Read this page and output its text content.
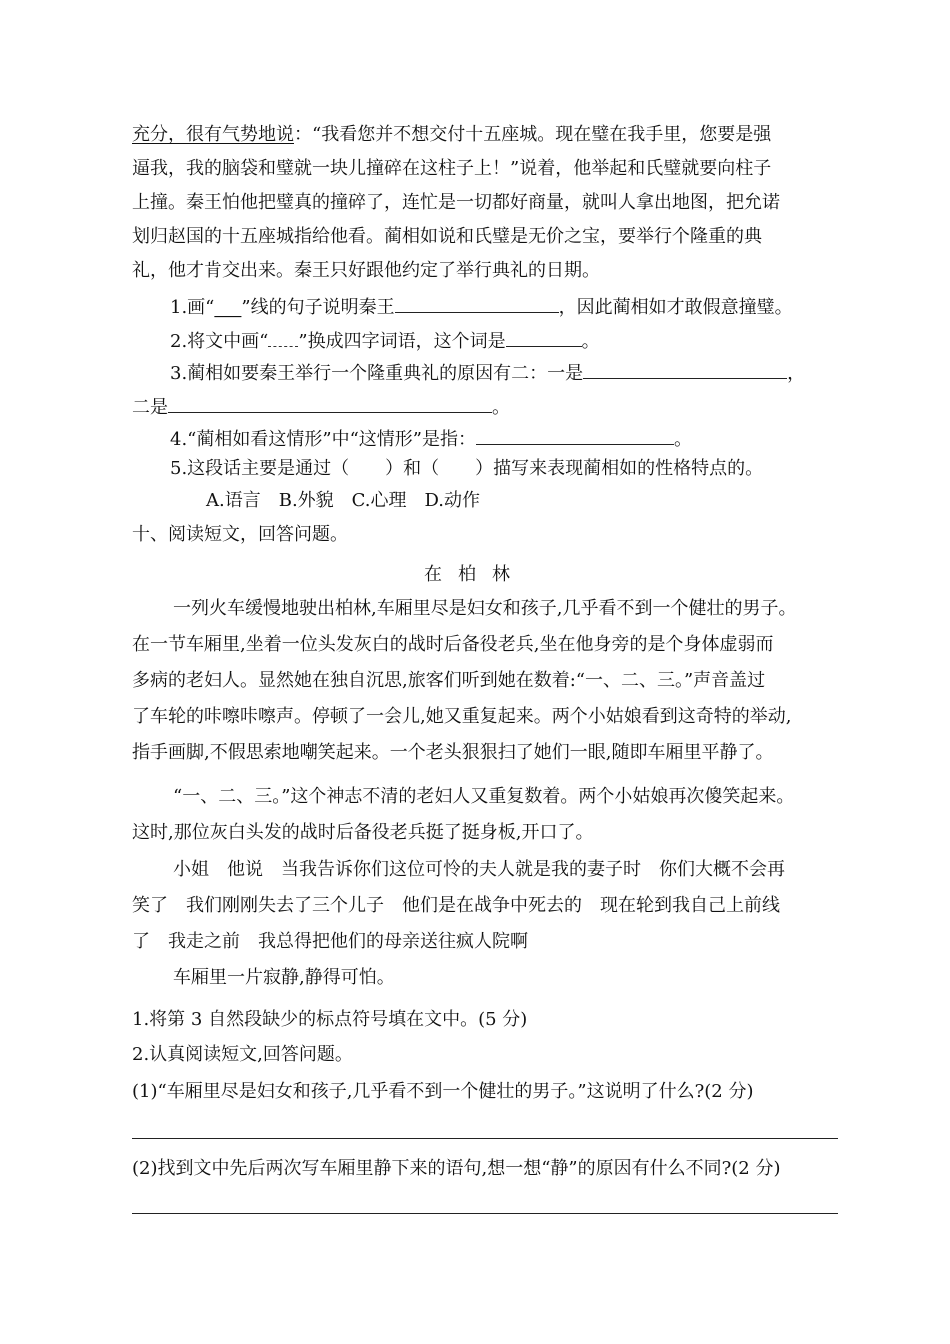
充分，很有气势地说：“我看您并不想交付十五座城。现在璧在我手里，您要是强
逼我，我的脑袋和璧就一块儿撞碎在这柱子上！”说着，他举起和氏璧就要向柱子
上撞。秦王怕他把璧真的撞碎了，连忙是一切都好商量，就叫人拿出地图，把允诺
划归赵国的十五座城指给他看。蔺相如说和氏璧是无价之宝，要举行个隆重的典
礼，他才肯交出来。秦王只好跟他约定了举行典礼的日期。
1.画“___”线的句子说明秦王	，因此蔺相如才敢假意撞璧。
2.将文中画“ ”换成四字词语，这个词是	。
3.蔺相如要秦王举行一个隆重典礼的原因有二：一是	，
二是	。
4.“蔺相如看这情形”中“这情形”是指：	。
5.这段话主要是通过（　　）和（　　）描写来表现蔺相如的性格特点的。
A.语言　B.外貌　C.心理　D.动作
十、阅读短文，回答问题。
在柏林
一列火车缓慢地驶出柏林,车厢里尽是妇女和孩子,几乎看不到一个健壮的男子。
在一节车厢里,坐着一位头发灰白的战时后备役老兵,坐在他身旁的是个身体虚弱而
多病的老妇人。显然她在独自沉思,旅客们听到她在数着:“一、二、三。”声音盖过
了车轮的咔嚓咔嚓声。停顿了一会儿,她又重复起来。两个小姑娘看到这奇特的举动,
指手画脚,不假思索地嘲笑起来。一个老头狠狠扫了她们一眼,随即车厢里平静了。
“一、二、三。”这个神志不清的老妇人又重复数着。两个小姑娘再次傻笑起来。
这时,那位灰白头发的战时后备役老兵挺了挺身板,开口了。
小姐　他说　当我告诉你们这位可怜的夫人就是我的妻子时　你们大概不会再
笑了　我们刚刚失去了三个儿子　他们是在战争中死去的　现在轮到我自己上前线
了　我走之前　我总得把他们的母亲送往疯人院啊
车厢里一片寂静,静得可怕。
1.将第 3 自然段缺少的标点符号填在文中。(5 分)
2.认真阅读短文,回答问题。
(1)“车厢里尽是妇女和孩子,几乎看不到一个健壮的男子。”这说明了什么?(2 分)
(2)找到文中先后两次写车厢里静下来的语句,想一想“静”的原因有什么不同?(2 分)
